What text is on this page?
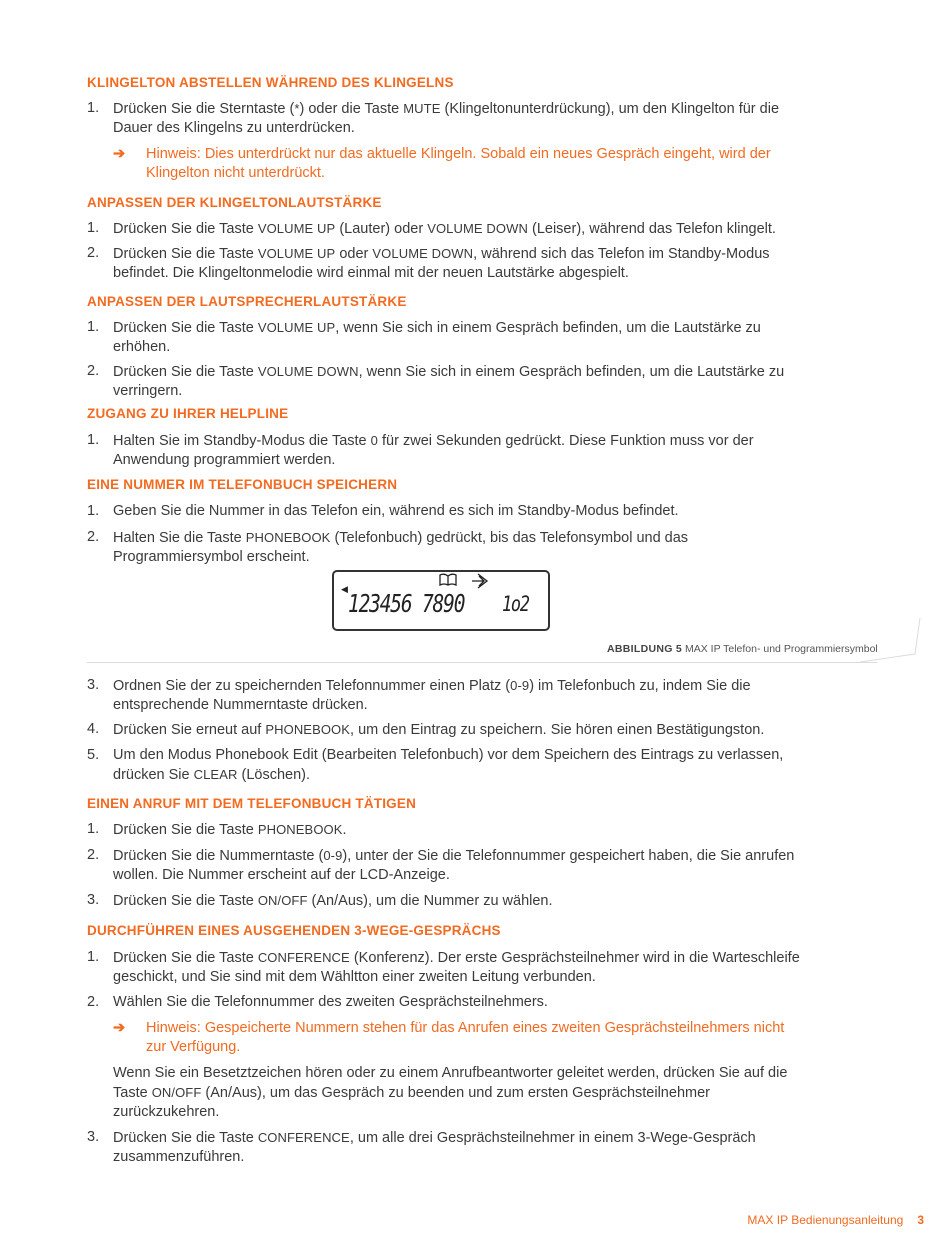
KLINGELTON ABSTELLEN WÄHREND DES KLINGELNS
1. Drücken Sie die Sterntaste (*) oder die Taste MUTE (Klingeltonunterdrückung), um den Klingelton für die Dauer des Klingelns zu unterdrücken.
➔ Hinweis: Dies unterdrückt nur das aktuelle Klingeln. Sobald ein neues Gespräch eingeht, wird der Klingelton nicht unterdrückt.
ANPASSEN DER KLINGELTONLAUTSTÄRKE
1. Drücken Sie die Taste VOLUME UP (Lauter) oder VOLUME DOWN (Leiser), während das Telefon klingelt.
2. Drücken Sie die Taste VOLUME UP oder VOLUME DOWN, während sich das Telefon im Standby-Modus befindet. Die Klingeltonmelodie wird einmal mit der neuen Lautstärke abgespielt.
ANPASSEN DER LAUTSPRECHERLAUTSTÄRKE
1. Drücken Sie die Taste VOLUME UP, wenn Sie sich in einem Gespräch befinden, um die Lautstärke zu erhöhen.
2. Drücken Sie die Taste VOLUME DOWN, wenn Sie sich in einem Gespräch befinden, um die Lautstärke zu verringern.
ZUGANG ZU IHRER HELPLINE
1. Halten Sie im Standby-Modus die Taste 0 für zwei Sekunden gedrückt. Diese Funktion muss vor der Anwendung programmiert werden.
EINE NUMMER IM TELEFONBUCH SPEICHERN
1. Geben Sie die Nummer in das Telefon ein, während es sich im Standby-Modus befindet.
2. Halten Sie die Taste PHONEBOOK (Telefonbuch) gedrückt, bis das Telefonsymbol und das Programmiersymbol erscheint.
◀ 123456 7890 1o2
ABBILDUNG 5 MAX IP Telefon- und Programmiersymbol
3. Ordnen Sie der zu speichernden Telefonnummer einen Platz (0-9) im Telefonbuch zu, indem Sie die entsprechende Nummerntaste drücken.
4. Drücken Sie erneut auf PHONEBOOK, um den Eintrag zu speichern. Sie hören einen Bestätigungston.
5. Um den Modus Phonebook Edit (Bearbeiten Telefonbuch) vor dem Speichern des Eintrags zu verlassen, drücken Sie CLEAR (Löschen).
EINEN ANRUF MIT DEM TELEFONBUCH TÄTIGEN
1. Drücken Sie die Taste PHONEBOOK.
2. Drücken Sie die Nummerntaste (0-9), unter der Sie die Telefonnummer gespeichert haben, die Sie anrufen wollen. Die Nummer erscheint auf der LCD-Anzeige.
3. Drücken Sie die Taste ON/OFF (An/Aus), um die Nummer zu wählen.
DURCHFÜHREN EINES AUSGEHENDEN 3-WEGE-GESPRÄCHS
1. Drücken Sie die Taste CONFERENCE (Konferenz). Der erste Gesprächsteilnehmer wird in die Warteschleife geschickt, und Sie sind mit dem Wähltton einer zweiten Leitung verbunden.
2. Wählen Sie die Telefonnummer des zweiten Gesprächsteilnehmers.
➔ Hinweis: Gespeicherte Nummern stehen für das Anrufen eines zweiten Gesprächsteilnehmers nicht zur Verfügung.
Wenn Sie ein Besetztzeichen hören oder zu einem Anrufbeantworter geleitet werden, drücken Sie auf die Taste ON/OFF (An/Aus), um das Gespräch zu beenden und zum ersten Gesprächsteilnehmer zurückzukehren.
3. Drücken Sie die Taste CONFERENCE, um alle drei Gesprächsteilnehmer in einem 3-Wege-Gespräch zusammenzuführen.
MAX IP Bedienungsanleitung 3
